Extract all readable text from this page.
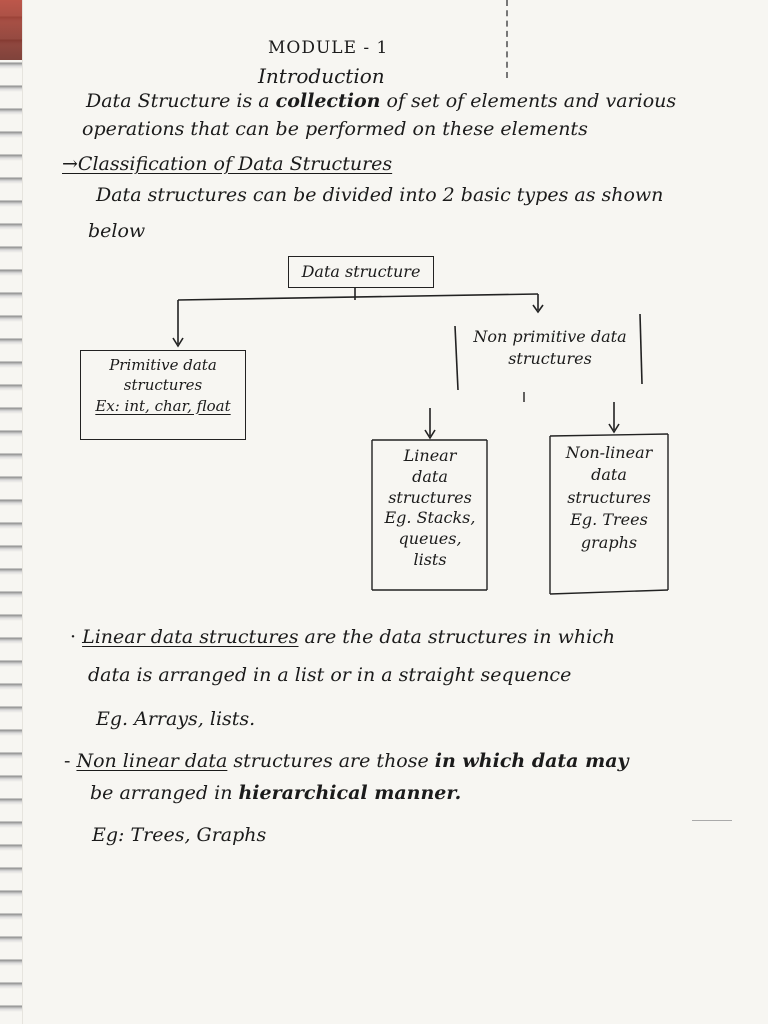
MODULE - 1
Introduction
Data Structure is a collection of set of elements and various
operations that can be performed on these elements
→Classification of Data Structures
Data structures can be divided into 2 basic types as shown
below
Data structure
Primitive data
structures
Ex: int, char, float
Non primitive data
structures
Linear
data
structures
Eg. Stacks,
queues,
lists
Non-linear
data
structures
Eg. Trees
graphs
· Linear data structures are the data structures in which
data is arranged in a list or in a straight sequence
Eg. Arrays, lists.
- Non linear data structures are those in which data may
be arranged in hierarchical manner.
Eg: Trees, Graphs
